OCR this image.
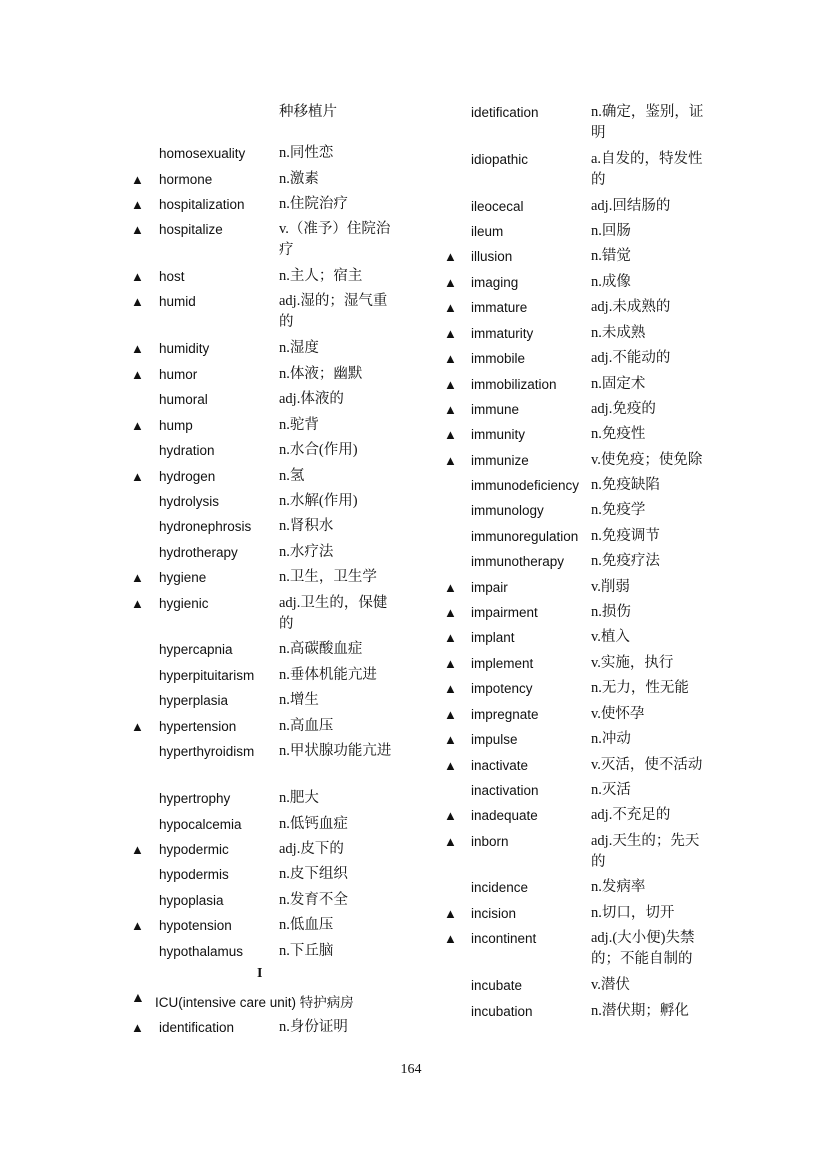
种移植片
homosexuality n.同性恋
▲ hormone	n.激素
▲ hospitalization n.住院治疗
▲ hospitalize	v.（准予）住院治疗
▲ host	n.主人；宿主
▲ humid	adj.湿的；湿气重的
▲ humidity	n.湿度
▲ humor	n.体液；幽默
humoral	adj.体液的
▲ hump	n.驼背
hydration	n.水合(作用)
▲ hydrogen	n.氢
hydrolysis	n.水解(作用)
hydronephrosis n.肾积水
hydrotherapy	n.水疗法
▲ hygiene	n.卫生，卫生学
▲ hygienic	adj.卫生的，保健的
hypercapnia	n.高碳酸血症
hyperpituitarism n.垂体机能亢进
hyperplasia	n.增生
▲ hypertension	n.高血压
hyperthyroidism n.甲状腺功能亢进
hypertrophy	n.肥大
hypocalcemia	n.低钙血症
▲ hypodermic	adj.皮下的
hypodermis	n.皮下组织
hypoplasia	n.发育不全
▲ hypotension	n.低血压
hypothalamus n.下丘脑
I
▲ ICU(intensive care unit) 特护病房
▲ identification	n.身份证明
idetification	n.确定，鉴别，证明
idiopathic	a.自发的，特发性的
ileocecal	adj.回结肠的
ileum	n.回肠
▲ illusion	n.错觉
▲ imaging	n.成像
▲ immature	adj.未成熟的
▲ immaturity	n.未成熟
▲ immobile	adj.不能动的
▲ immobilization n.固定术
▲ immune	adj.免疫的
▲ immunity	n.免疫性
▲ immunize	v.使免疫；使免除
immunodeficiency n.免疫缺陷
immunology	n.免疫学
immunoregulation n.免疫调节
immunotherapy n.免疫疗法
▲ impair	v.削弱
▲ impairment	n.损伤
▲ implant	v.植入
▲ implement	v.实施，执行
▲ impotency	n.无力，性无能
▲ impregnate	v.使怀孕
▲ impulse	n.冲动
▲ inactivate	v.灭活，使不活动
inactivation	n.灭活
▲ inadequate	adj.不充足的
▲ inborn	adj.天生的；先天的
incidence	n.发病率
▲ incision	n.切口，切开
▲ incontinent	adj.(大小便)失禁的；不能自制的
incubate	v.潜伏
incubation	n.潜伏期；孵化
164
